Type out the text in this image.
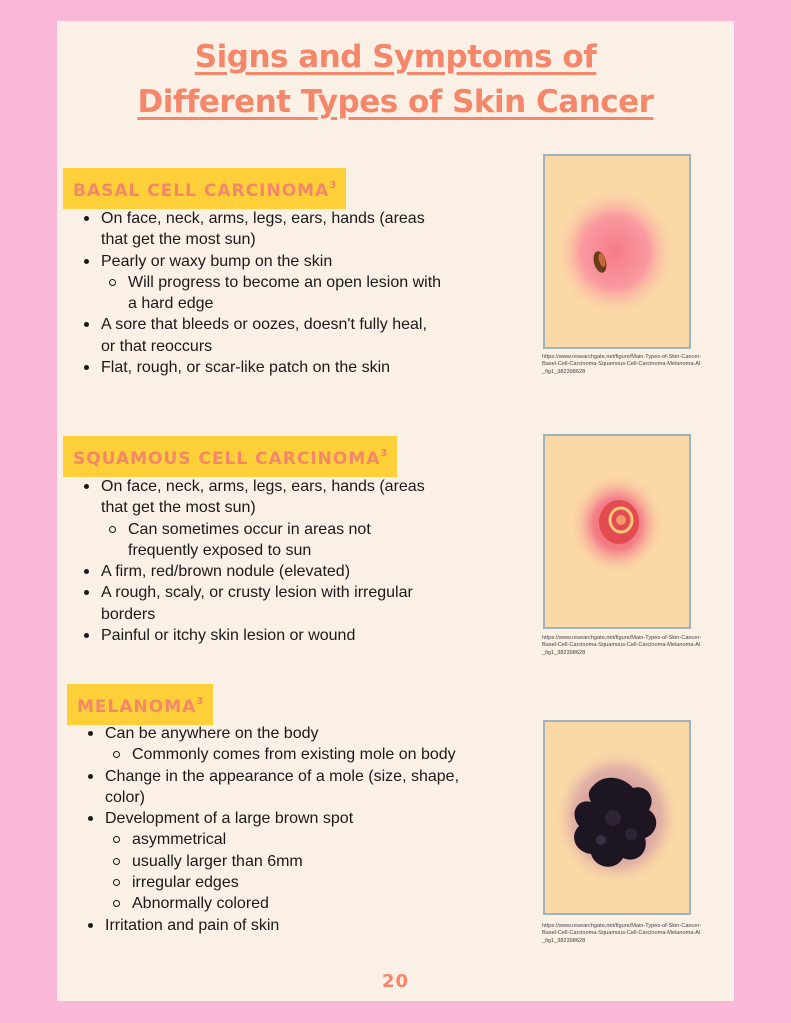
Signs and Symptoms of
Different Types of Skin Cancer
BASAL CELL CARCINOMA$^3$
On face, neck, arms, legs, ears, hands (areas that get the most sun)
Pearly or waxy bump on the skin
Will progress to become an open lesion with a hard edge
A sore that bleeds or oozes, doesn't fully heal, or that reoccurs
Flat, rough, or scar-like patch on the skin
https://www.researchgate.net/figure/Main-Types-of-Skin-Cancer-Basel-Cell-Carcinoma-Squamous-Cell-Carcinoma-Melanoma-AI_fig1_382398628
SQUAMOUS CELL CARCINOMA$^3$
On face, neck, arms, legs, ears, hands (areas that get the most sun)
Can sometimes occur in areas not frequently exposed to sun
A firm, red/brown nodule (elevated)
A rough, scaly, or crusty lesion with irregular borders
Painful or itchy skin lesion or wound	https://www.researchgate.net/figure/Main-Types-of-Skin-Cancer-Basel-Cell-Carcinoma-Squamous-Cell-Carcinoma-Melanoma-AI_fig1_382398628
MELANOMA$^3$
Can be anywhere on the body
Commonly comes from existing mole on body
Change in the appearance of a mole (size, shape, color)
Development of a large brown spot
asymmetrical
usually larger than 6mm
irregular edges
Abnormally colored
Irritation and pain of skin	https://www.researchgate.net/figure/Main-Types-of-Skin-Cancer-Basel-Cell-Carcinoma-Squamous-Cell-Carcinoma-Melanoma-AI_fig1_382398628
20
